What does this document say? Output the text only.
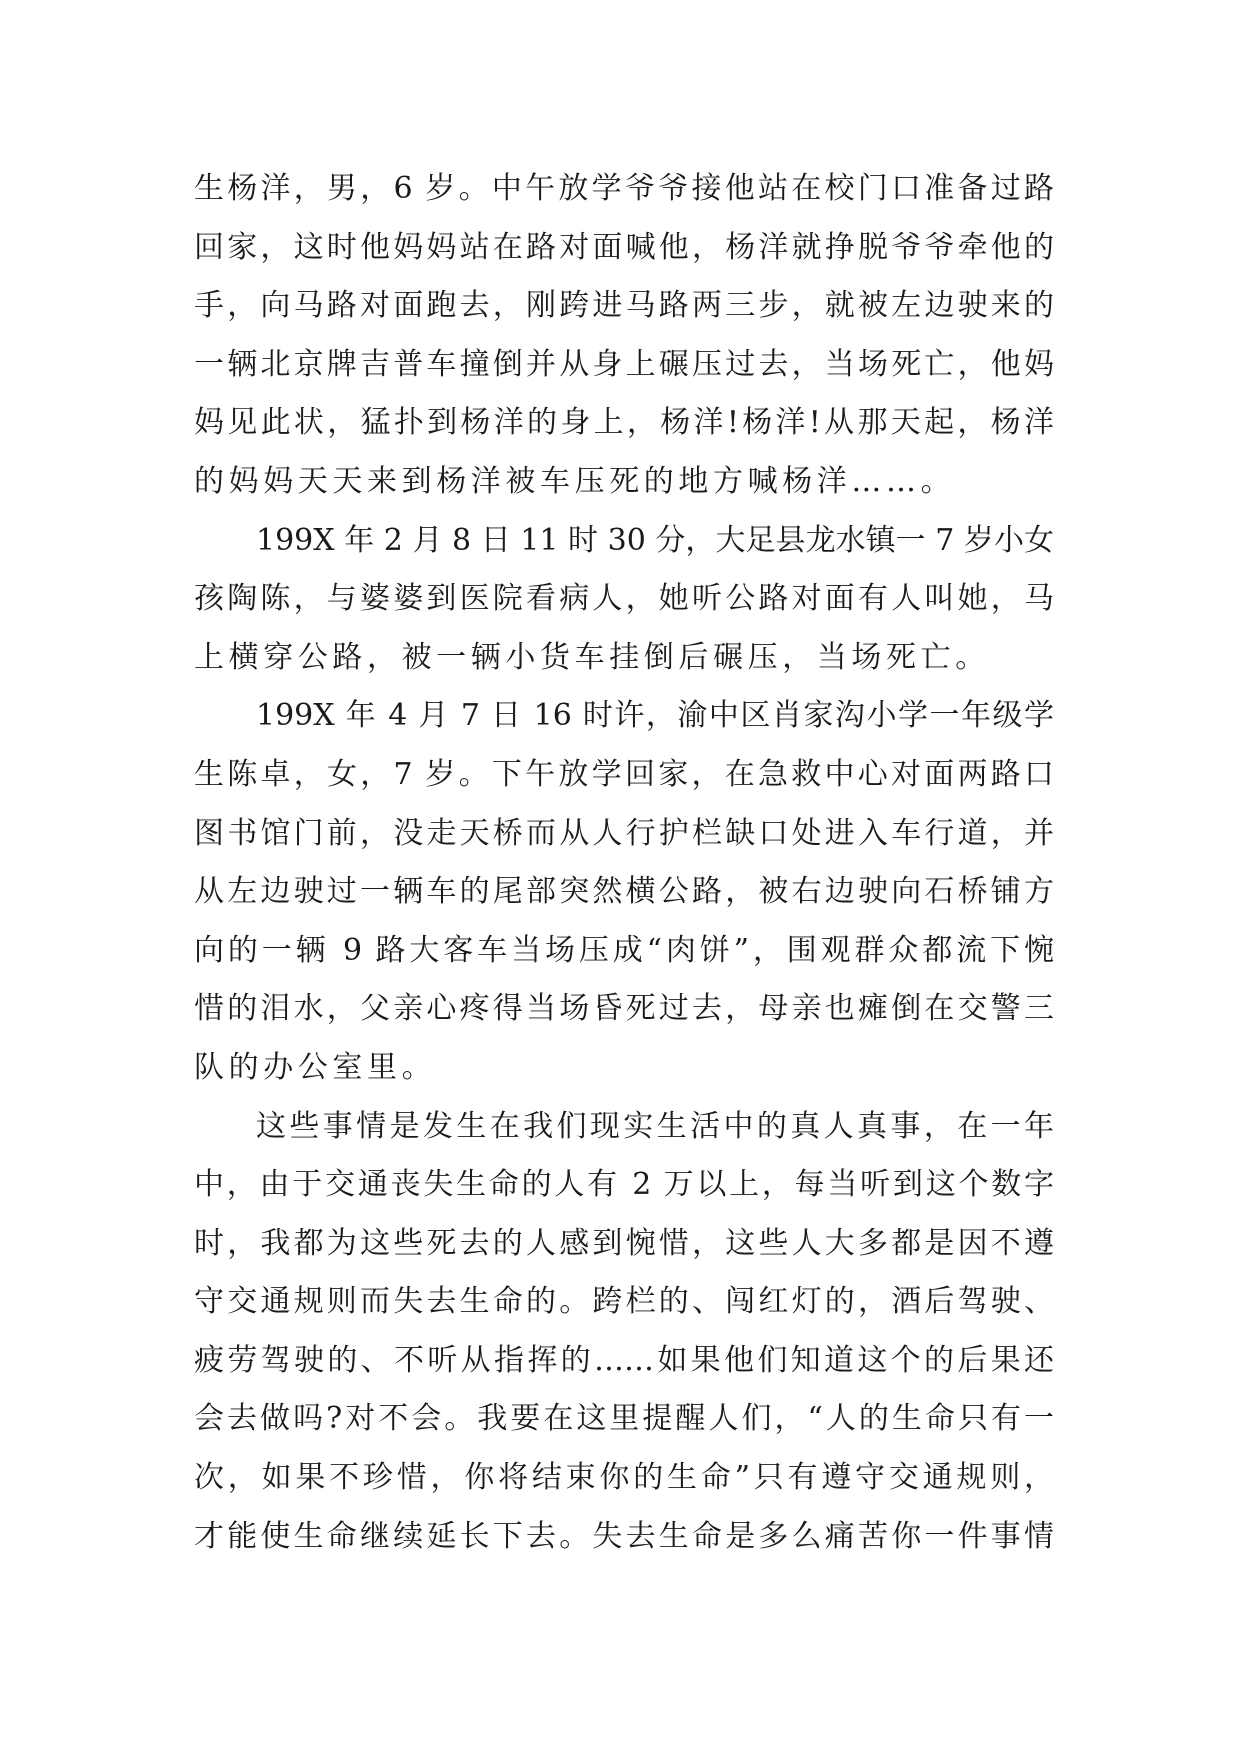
生杨洋，男，6 岁。中午放学爷爷接他站在校门口准备过路
回家，这时他妈妈站在路对面喊他，杨洋就挣脱爷爷牵他的
手，向马路对面跑去，刚跨进马路两三步，就被左边驶来的
一辆北京牌吉普车撞倒并从身上碾压过去，当场死亡，他妈
妈见此状，猛扑到杨洋的身上，杨洋!杨洋!从那天起，杨洋
的妈妈天天来到杨洋被车压死的地方喊杨洋……。
199X 年 2 月 8 日 11 时 30 分，大足县龙水镇一 7 岁小女
孩陶陈，与婆婆到医院看病人，她听公路对面有人叫她，马
上横穿公路，被一辆小货车挂倒后碾压，当场死亡。
199X 年 4 月 7 日 16 时许，渝中区肖家沟小学一年级学
生陈卓，女，7 岁。下午放学回家，在急救中心对面两路口
图书馆门前，没走天桥而从人行护栏缺口处进入车行道，并
从左边驶过一辆车的尾部突然横公路，被右边驶向石桥铺方
向的一辆 9 路大客车当场压成“肉饼”，围观群众都流下惋
惜的泪水，父亲心疼得当场昏死过去，母亲也瘫倒在交警三
队的办公室里。
这些事情是发生在我们现实生活中的真人真事，在一年
中，由于交通丧失生命的人有 2 万以上，每当听到这个数字
时，我都为这些死去的人感到惋惜，这些人大多都是因不遵
守交通规则而失去生命的。跨栏的、闯红灯的，酒后驾驶、
疲劳驾驶的、不听从指挥的……如果他们知道这个的后果还
会去做吗?对不会。我要在这里提醒人们，“人的生命只有一
次，如果不珍惜，你将结束你的生命”只有遵守交通规则，
才能使生命继续延长下去。失去生命是多么痛苦你一件事情
